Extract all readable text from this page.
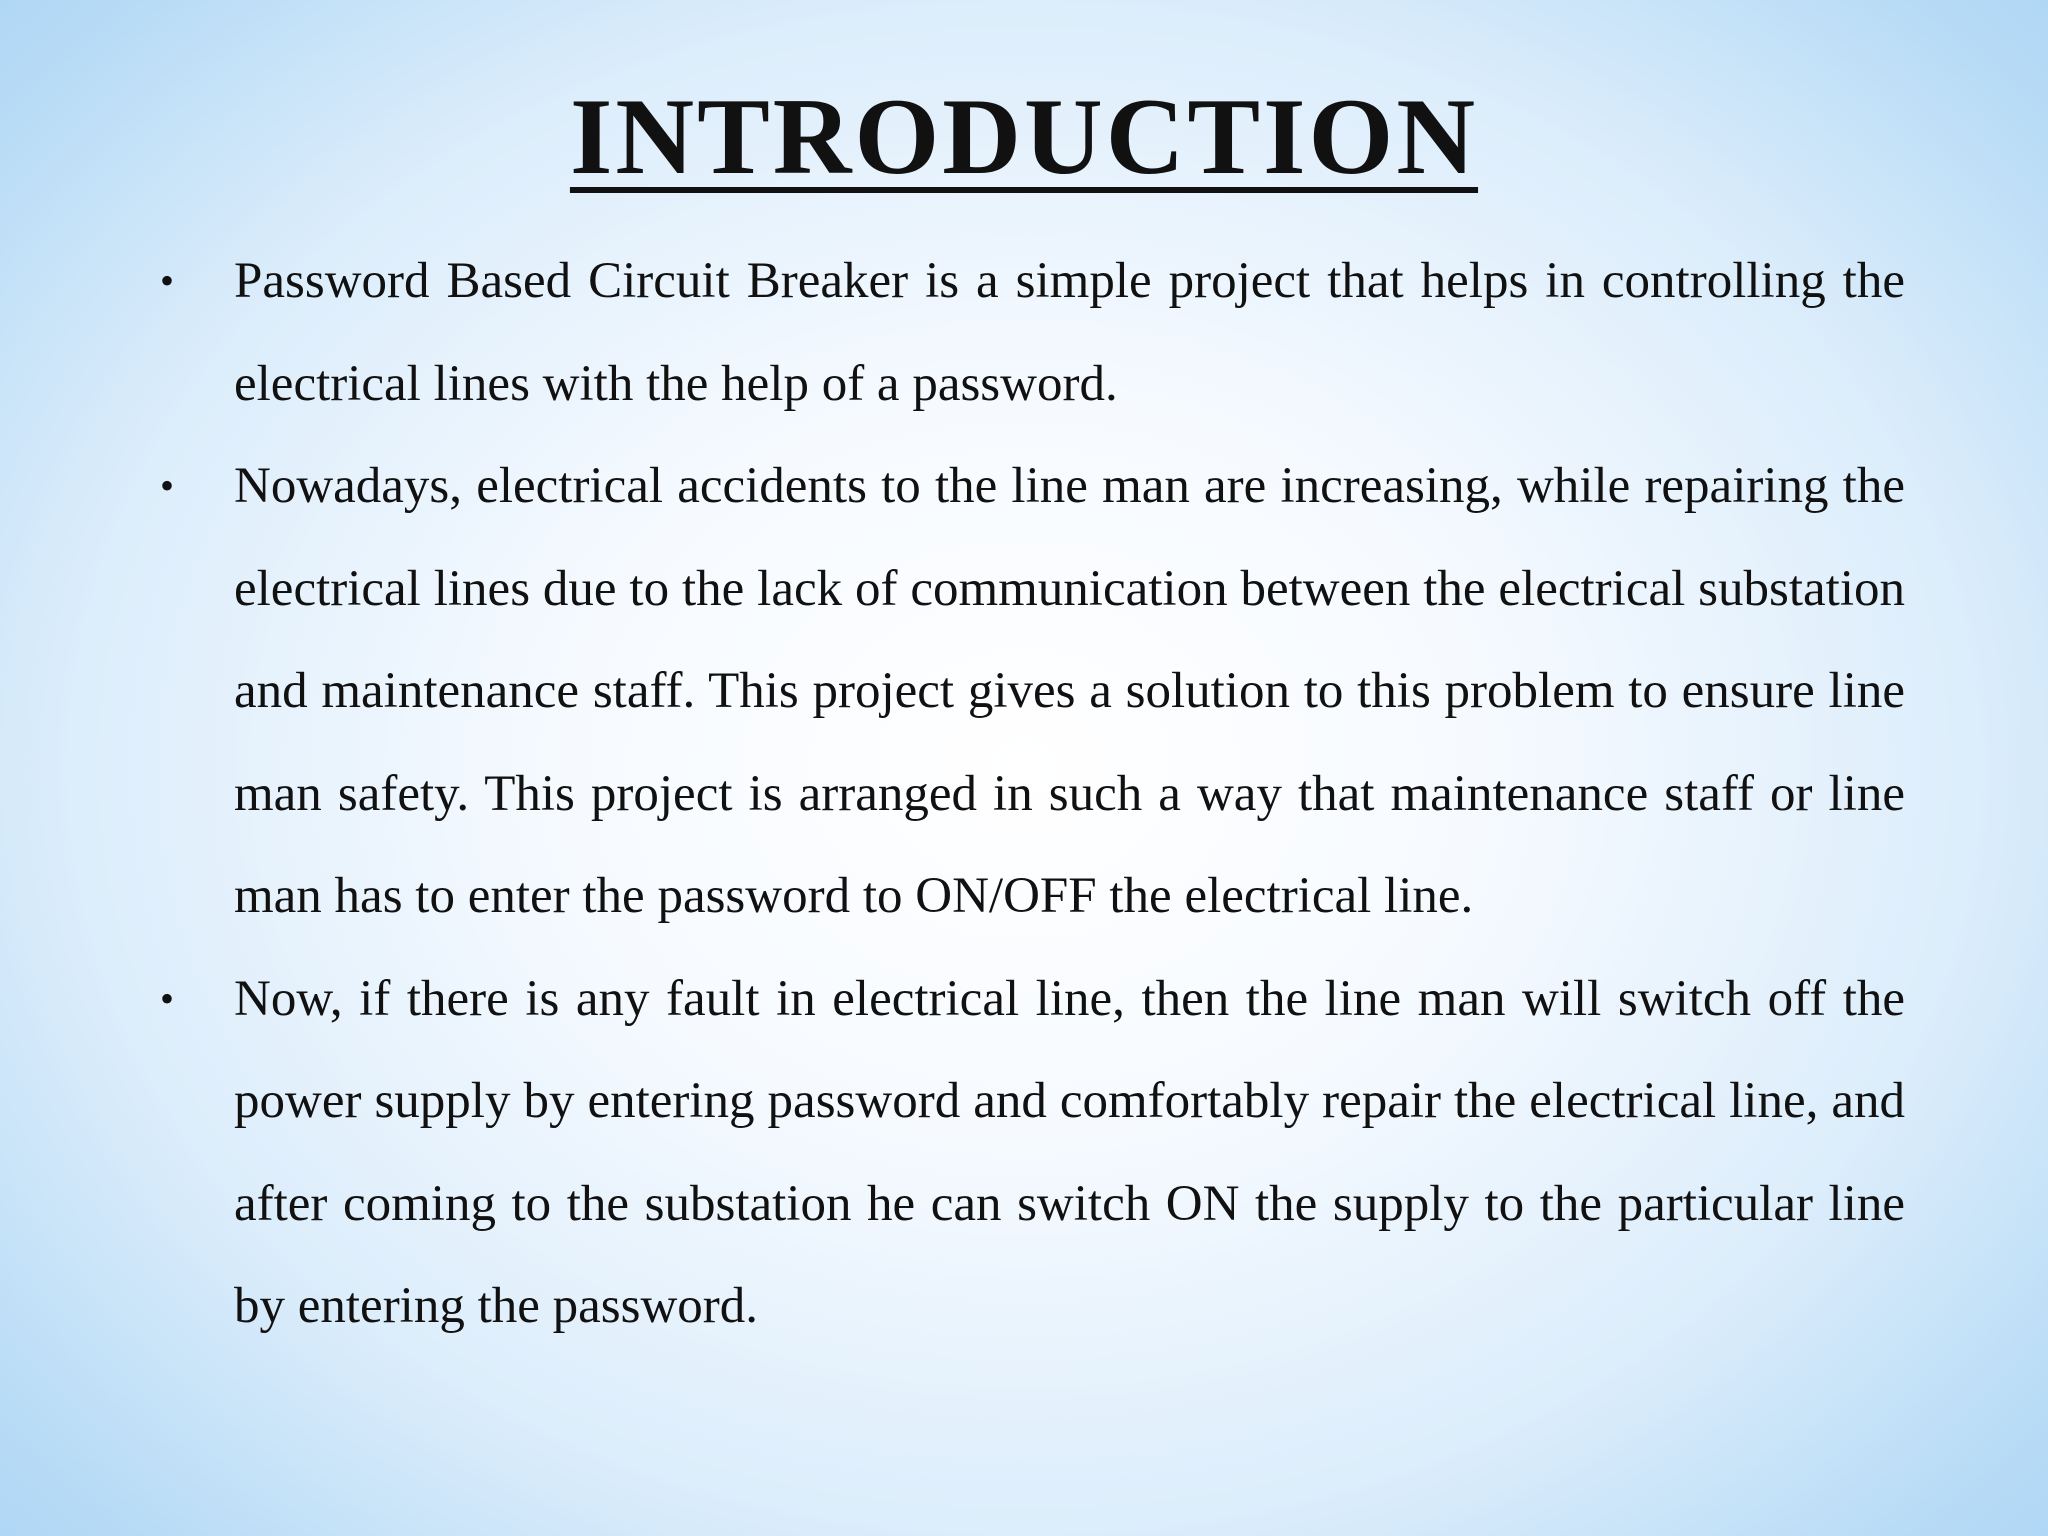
INTRODUCTION
•	Password Based Circuit Breaker is a simple project that helps in controlling the electrical lines with the help of a password.
•	Nowadays, electrical accidents to the line man are increasing, while repairing the electrical lines due to the lack of communication between the electrical substation and maintenance staff. This project gives a solution to this problem to ensure line man safety. This project is arranged in such a way that maintenance staff or line man has to enter the password to ON/OFF the electrical line.
•	Now, if there is any fault in electrical line, then the line man will switch off the power supply by entering password and comfortably repair the electrical line, and after coming to the substation he can switch ON the supply to the particular line by entering the password.
